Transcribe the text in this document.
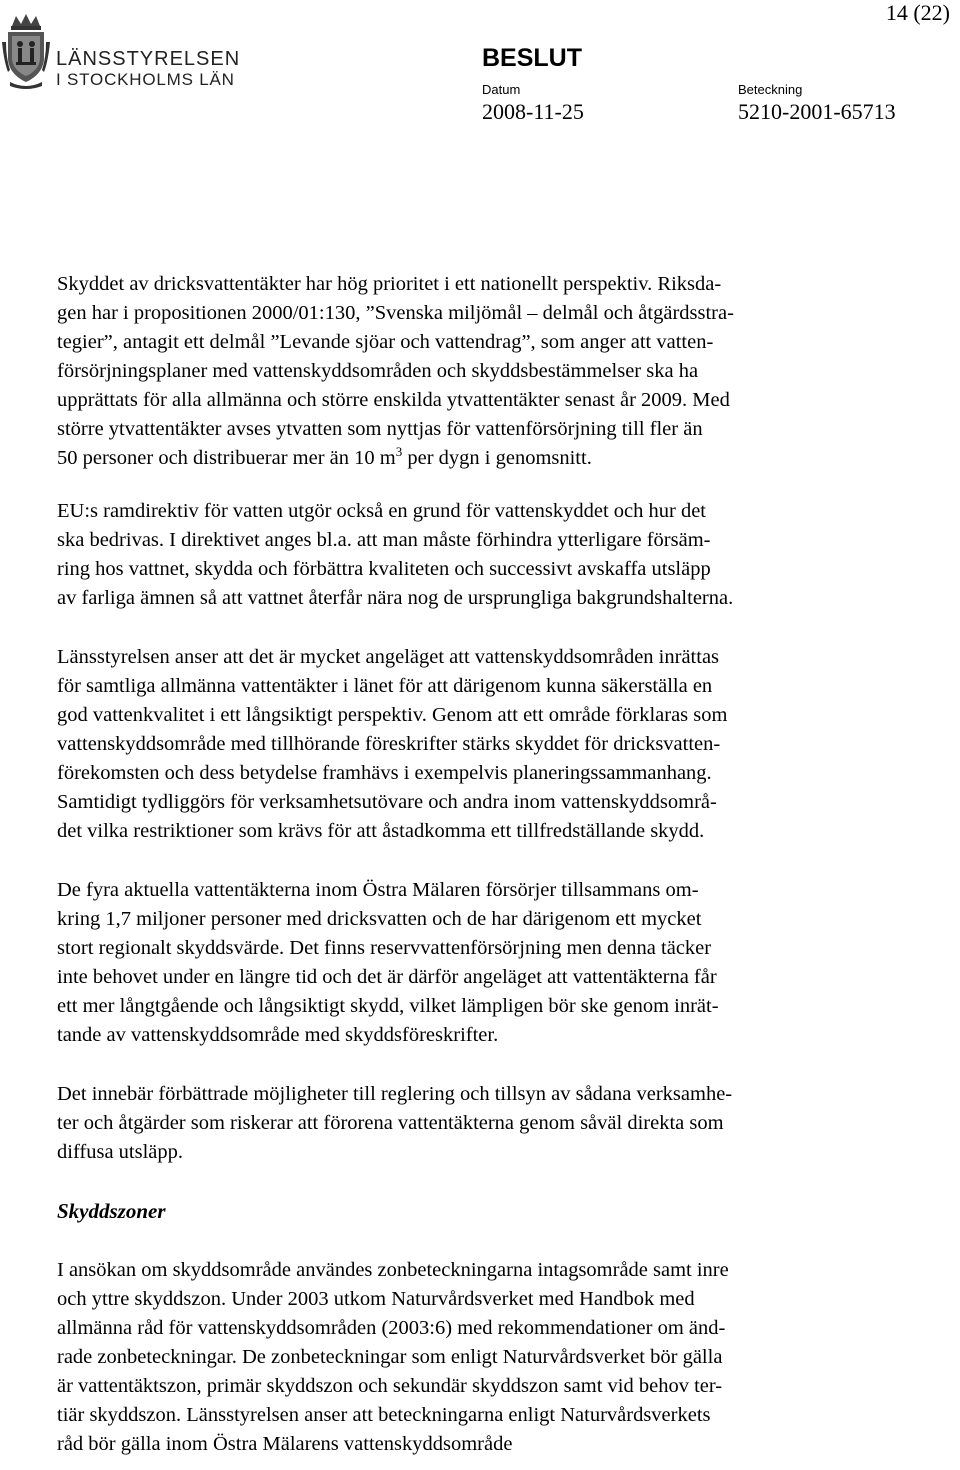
14 (22)
LÄNSSTYRELSEN
I STOCKHOLMS LÄN
BESLUT
Datum
2008-11-25
Beteckning
5210-2001-65713
Skyddet av dricksvattentäkter har hög prioritet i ett nationellt perspektiv. Riksda-
gen har i propositionen 2000/01:130, ”Svenska miljömål – delmål och åtgärdsstra-
tegier”, antagit ett delmål ”Levande sjöar och vattendrag”, som anger att vatten-
försörjningsplaner med vattenskyddsområden och skyddsbestämmelser ska ha
upprättats för alla allmänna och större enskilda ytvattentäkter senast år 2009. Med
större ytvattentäkter avses ytvatten som nyttjas för vattenförsörjning till fler än
50 personer och distribuerar mer än 10 $m^3$ per dygn i genomsnitt.
EU:s ramdirektiv för vatten utgör också en grund för vattenskyddet och hur det
ska bedrivas. I direktivet anges bl.a. att man måste förhindra ytterligare försäm-
ring hos vattnet, skydda och förbättra kvaliteten och successivt avskaffa utsläpp
av farliga ämnen så att vattnet återfår nära nog de ursprungliga bakgrundshalterna.
Länsstyrelsen anser att det är mycket angeläget att vattenskyddsområden inrättas
för samtliga allmänna vattentäkter i länet för att därigenom kunna säkerställa en
god vattenkvalitet i ett långsiktigt perspektiv. Genom att ett område förklaras som
vattenskyddsområde med tillhörande föreskrifter stärks skyddet för dricksvatten-
förekomsten och dess betydelse framhävs i exempelvis planeringssammanhang.
Samtidigt tydliggörs för verksamhetsutövare och andra inom vattenskyddsområ-
det vilka restriktioner som krävs för att åstadkomma ett tillfredställande skydd.
De fyra aktuella vattentäkterna inom Östra Mälaren försörjer tillsammans om-
kring 1,7 miljoner personer med dricksvatten och de har därigenom ett mycket
stort regionalt skyddsvärde. Det finns reservvattenförsörjning men denna täcker
inte behovet under en längre tid och det är därför angeläget att vattentäkterna får
ett mer långtgående och långsiktigt skydd, vilket lämpligen bör ske genom inrät-
tande av vattenskyddsområde med skyddsföreskrifter.
Det innebär förbättrade möjligheter till reglering och tillsyn av sådana verksamhe-
ter och åtgärder som riskerar att förorena vattentäkterna genom såväl direkta som
diffusa utsläpp.
Skyddszoner
I ansökan om skyddsområde användes zonbeteckningarna intagsområde samt inre
och yttre skyddszon. Under 2003 utkom Naturvårdsverket med Handbok med
allmänna råd för vattenskyddsområden (2003:6) med rekommendationer om änd-
rade zonbeteckningar. De zonbeteckningar som enligt Naturvårdsverket bör gälla
är vattentäktszon, primär skyddszon och sekundär skyddszon samt vid behov ter-
tiär skyddszon. Länsstyrelsen anser att beteckningarna enligt Naturvårdsverkets
råd bör gälla inom Östra Mälarens vattenskyddsområde
